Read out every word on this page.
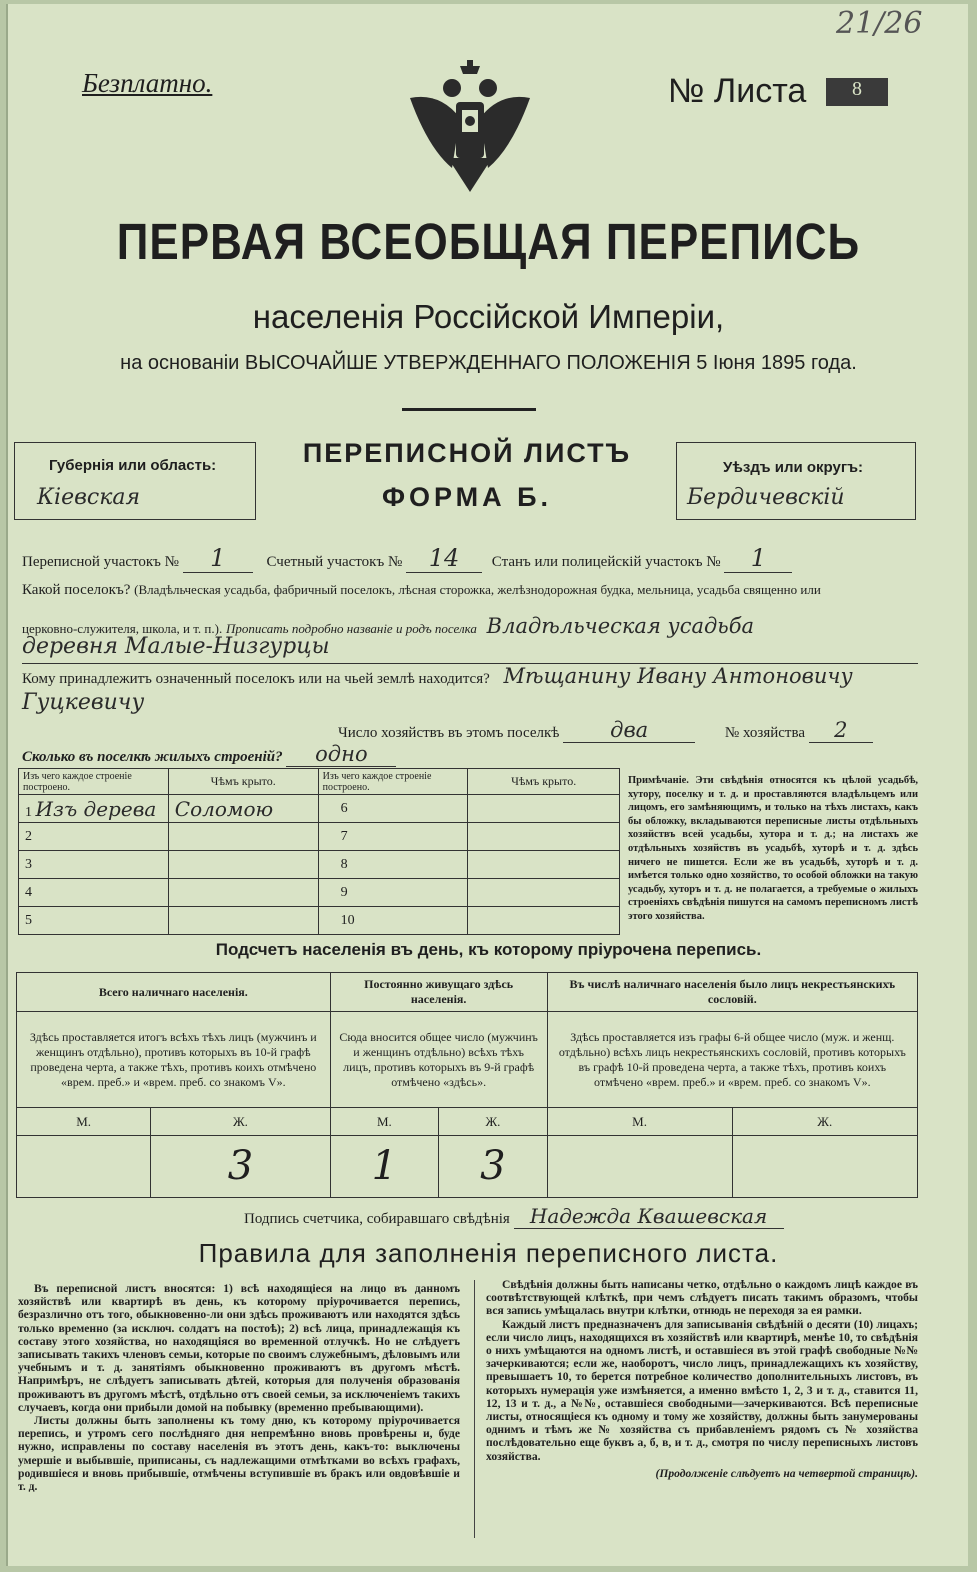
21/26
Безплатно.	№ Листа	8
ПЕРВАЯ ВСЕОБЩАЯ ПЕРЕПИСЬ
населенія Россійской Имперіи,
на основаніи ВЫСОЧАЙШЕ УТВЕРЖДЕННАГО ПОЛОЖЕНІЯ 5 Іюня 1895 года.
Губернія или область:
Кіевская
ПЕРЕПИСНОЙ ЛИСТЪ
ФОРМА Б.
Уѣздъ или округъ:
Бердичевскій
Переписной участокъ № 1	Счетный участокъ № 14 Станъ или полицейскій участокъ № 1
Какой поселокъ? (Владѣльческая усадьба, фабричный поселокъ, лѣсная сторожка, желѣзнодорожная будка, мельница, усадьба священно или
церковно-служителя, школа, и т. п.). Прописать подробно названіе и родъ поселка Владѣльческая усадьба
деревня Малые-Низгурцы
Кому принадлежитъ означенный поселокъ или на чьей землѣ находится? Мѣщанину Ивану Антоновичу
Гуцкевичу
Число хозяйствъ въ этомъ поселкѣ два	№ хозяйства 2
Сколько въ поселкѣ жилыхъ строеній? одно
Изъ чего каждое строеніе построено.	Чѣмъ крыто.	Изъ чего каждое строеніе построено.	Чѣмъ крыто.
1 Изъ дерева	Соломою	6	
2		7	
3		8	
4		9	
5		10	
Примѣчаніе. Эти свѣдѣнія относятся къ цѣлой усадьбѣ, хутору, поселку и т. д. и проставляются владѣльцемъ или лицомъ, его замѣняющимъ, и только на тѣхъ листахъ, какъ бы обложку, вкладываются переписные листы отдѣльныхъ хозяйствъ всей усадьбы, хутора и т. д.; на листахъ же отдѣльныхъ хозяйствъ въ усадьбѣ, хуторѣ и т. д. здѣсь ничего не пишется. Если же въ усадьбѣ, хуторѣ и т. д. имѣется только одно хозяйство, то особой обложки на такую усадьбу, хуторъ и т. д. не полагается, а требуемые о жилыхъ строеніяхъ свѣдѣнія пишутся на самомъ переписномъ листѣ этого хозяйства.
Подсчетъ населенія въ день, къ которому пріурочена перепись.
Всего наличнаго населенія.		Постоянно живущаго здѣсь населенія.		Въ числѣ наличнаго населенія было лицъ некрестьянскихъ сословій.	
Здѣсь проставляется итогъ всѣхъ тѣхъ лицъ (мужчинъ и женщинъ отдѣльно), противъ которыхъ въ 10-й графѣ проведена черта, а также тѣхъ, противъ коихъ отмѣчено «врем. преб.» и «врем. преб. со знакомъ V».		Сюда вносится общее число (мужчинъ и женщинъ отдѣльно) всѣхъ тѣхъ лицъ, противъ которыхъ въ 9-й графѣ отмѣчено «здѣсь».		Здѣсь проставляется изъ графы 6-й общее число (муж. и женщ. отдѣльно) всѣхъ лицъ некрестьянскихъ сословій, противъ которыхъ въ графѣ 10-й проведена черта, а также тѣхъ, противъ коихъ отмѣчено «врем. преб.» и «врем. преб. со знакомъ V».	
М.	Ж.	М.	Ж.	М.	Ж.
	3	1	3		
Подпись счетчика, собиравшаго свѣдѣнія Надежда Квашевская
Правила для заполненія переписного листа.

Въ переписной листъ вносятся: 1) всѣ находящіеся на лицо въ данномъ хозяйствѣ или квартирѣ въ день, къ которому пріурочивается перепись, безразлично отъ того, обыкновенно-ли они здѣсь проживаютъ или находятся здѣсь только временно (за исключ. солдатъ на постоѣ); 2) всѣ лица, принадлежащія къ составу этого хозяйства, но находящіяся во временной отлучкѣ. Но не слѣдуетъ записывать такихъ членовъ семьи, которые по своимъ служебнымъ, дѣловымъ или учебнымъ и т. д. занятіямъ обыкновенно проживаютъ въ другомъ мѣстѣ. Напримѣръ, не слѣдуетъ записывать дѣтей, которыя для полученія образованія проживаютъ въ другомъ мѣстѣ, отдѣльно отъ своей семьи, за исключеніемъ такихъ случаевъ, когда они прибыли домой на побывку (временно пребывающими).

Листы должны быть заполнены къ тому дню, къ которому пріурочивается перепись, и утромъ сего послѣдняго дня непремѣнно вновь провѣрены и, буде нужно, исправлены по составу населенія въ этотъ день, какъ-то: выключены умершіе и выбывшіе, приписаны, съ надлежащими отмѣтками во всѣхъ графахъ, родившіеся и вновь прибывшіе, отмѣчены вступившіе въ бракъ или овдовѣвшіе и т. д.

Свѣдѣнія должны быть написаны четко, отдѣльно о каждомъ лицѣ каждое въ соотвѣтствующей клѣткѣ, при чемъ слѣдуетъ писать такимъ образомъ, чтобы вся запись умѣщалась внутри клѣтки, отнюдь не переходя за ея рамки.

Каждый листъ предназначенъ для записыванія свѣдѣній о десяти (10) лицахъ; если число лицъ, находящихся въ хозяйствѣ или квартирѣ, менѣе 10, то свѣдѣнія о нихъ умѣщаются на одномъ листѣ, и оставшіеся въ этой графѣ свободные №№ зачеркиваются; если же, наоборотъ, число лицъ, принадлежащихъ къ хозяйству, превышаетъ 10, то берется потребное количество дополнительныхъ листовъ, въ которыхъ нумерація уже измѣняется, а именно вмѣсто 1, 2, 3 и т. д., ставится 11, 12, 13 и т. д., а №№, оставшіеся свободными—зачеркиваются. Всѣ переписные листы, относящіеся къ одному и тому же хозяйству, должны быть занумерованы однимъ и тѣмъ же № хозяйства съ прибавленіемъ рядомъ съ № хозяйства послѣдовательно еще буквъ а, б, в, и т. д., смотря по числу переписныхъ листовъ хозяйства.

(Продолженіе слѣдуетъ на четвертой страницѣ).
